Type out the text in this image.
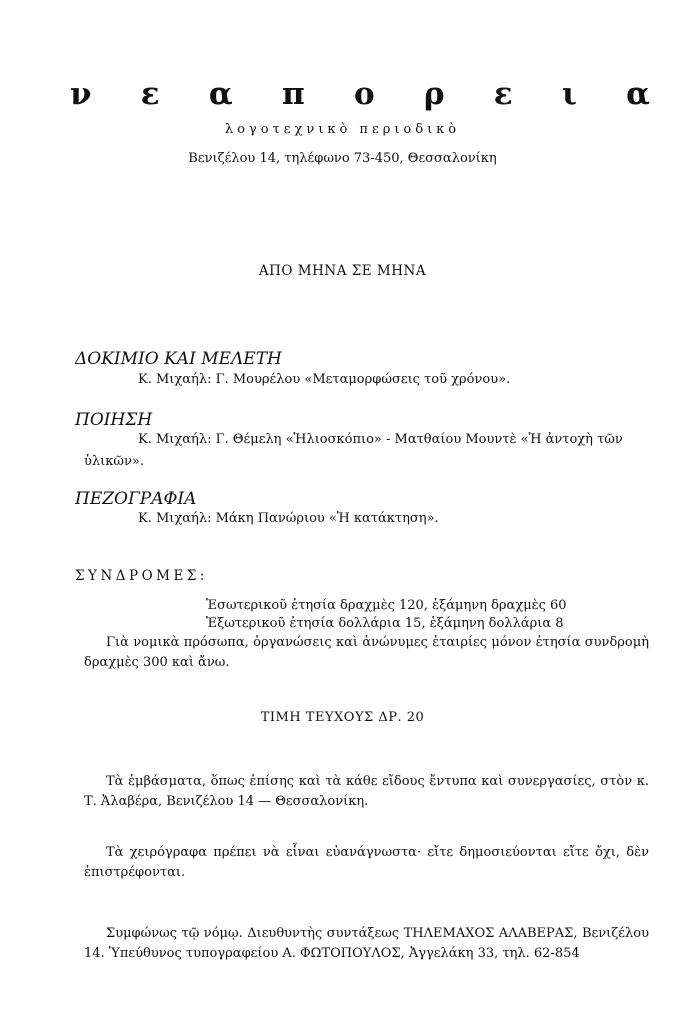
ν ε α π ο ρ ε ι α
λογοτεχνικὸ περιοδικὸ
Βενιζέλου 14, τηλέφωνο 73-450, Θεσσαλονίκη
ΑΠΟ ΜΗΝΑ ΣΕ ΜΗΝΑ
ΔΟΚΙΜΙΟ ΚΑΙ ΜΕΛΕΤΗ
Κ. Μιχαήλ: Γ. Μουρέλου «Μεταμορφώσεις τοῦ χρόνου».
ΠΟΙΗΣΗ
Κ. Μιχαήλ: Γ. Θέμελη «Ἡλιοσκόπιο» - Ματθαίου Μουντὲ «Ἡ ἀντοχὴ τῶν ὑλικῶν».
ΠΕΖΟΓΡΑΦΙΑ
Κ. Μιχαήλ: Μάκη Πανώριου «Ἡ κατάκτηση».
ΣΥΝΔΡΟΜΕΣ:
Ἐσωτερικοῦ ἐτησία δραχμὲς 120, ἑξάμηνη δραχμὲς 60
Ἐξωτερικοῦ ἐτησία δολλάρια 15, ἑξάμηνη δολλάρια 8
Γιὰ νομικὰ πρόσωπα, ὀργανώσεις καὶ ἀνώνυμες ἑταιρίες μόνον ἐτησία συνδρομὴ δραχμὲς 300 καὶ ἄνω.
ΤΙΜΗ ΤΕΥΧΟΥΣ ΔΡ. 20
Τὰ ἐμβάσματα, ὅπως ἐπίσης καὶ τὰ κάθε εἴδους ἔντυπα καὶ συνεργασίες, στὸν κ. Τ. Ἀλαβέρα, Βενιζέλου 14 — Θεσσαλονίκη.
Τὰ χειρόγραφα πρέπει νὰ εἶναι εὐανάγνωστα· εἴτε δημοσιεύονται εἴτε ὄχι, δὲν ἐπιστρέφονται.
Συμφώνως τῷ νόμῳ. Διευθυντὴς συντάξεως ΤΗΛΕΜΑΧΟΣ ΑΛΑΒΕΡΑΣ, Βενιζέλου 14. Ὑπεύθυνος τυπογραφείου Α. ΦΩΤΟΠΟΥΛΟΣ, Ἀγγελάκη 33, τηλ. 62-854
